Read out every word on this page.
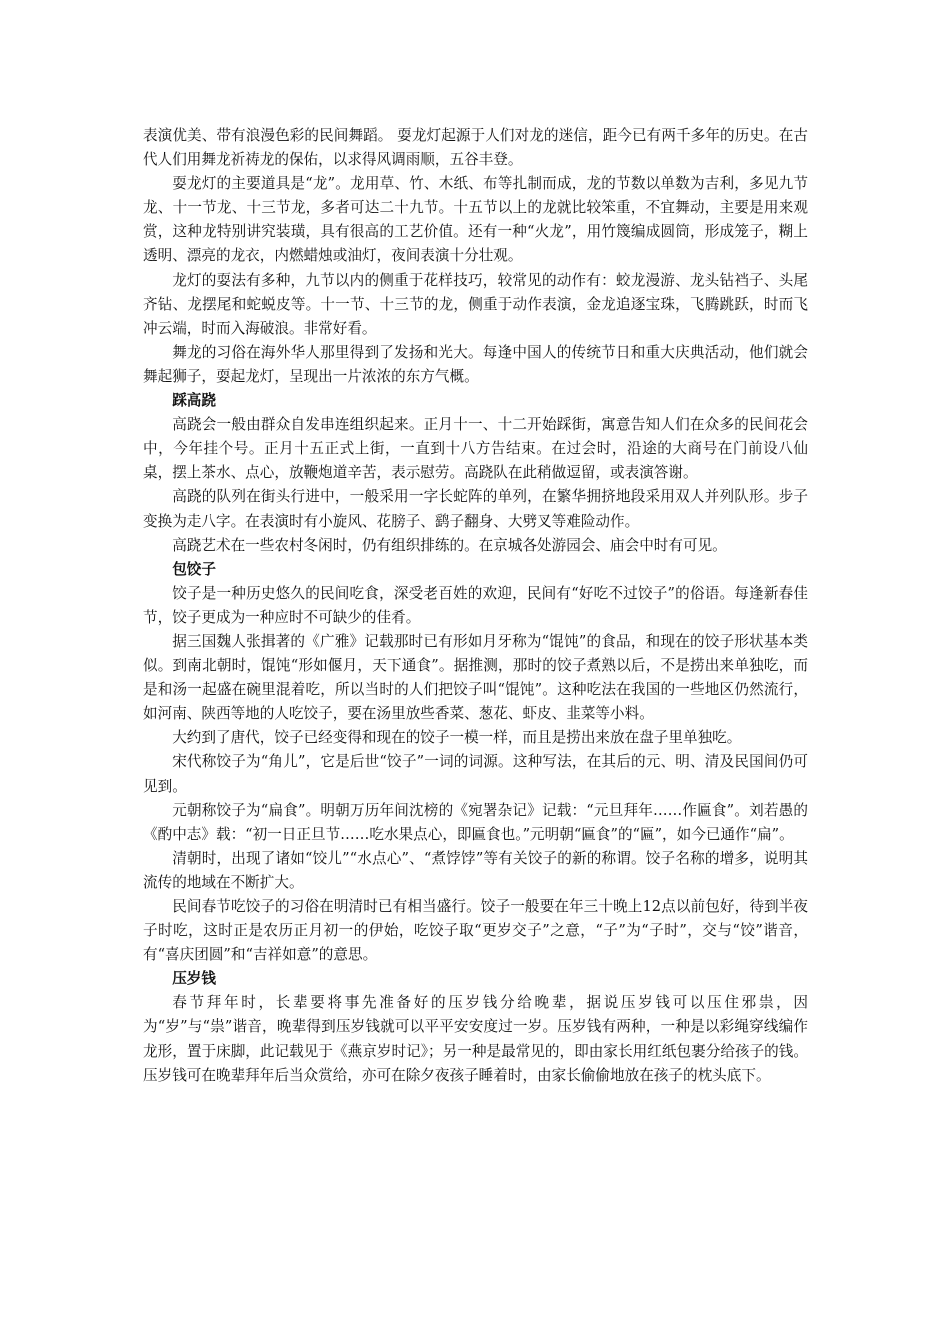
表演优美、带有浪漫色彩的民间舞蹈。 耍龙灯起源于人们对龙的迷信，距今已有两千多年的历史。在古代人们用舞龙祈祷龙的保佑，以求得风调雨顺，五谷丰登。

耍龙灯的主要道具是“龙”。龙用草、竹、木纸、布等扎制而成，龙的节数以单数为吉利，多见九节龙、十一节龙、十三节龙，多者可达二十九节。十五节以上的龙就比较笨重，不宜舞动，主要是用来观赏，这种龙特别讲究装璜，具有很高的工艺价值。还有一种“火龙”，用竹篾编成圆筒，形成笼子，糊上透明、漂亮的龙衣，内燃蜡烛或油灯，夜间表演十分壮观。

龙灯的耍法有多种，九节以内的侧重于花样技巧，较常见的动作有：蛟龙漫游、龙头钻裆子、头尾齐钻、龙摆尾和蛇蜕皮等。十一节、十三节的龙，侧重于动作表演，金龙追逐宝珠，飞腾跳跃，时而飞冲云端，时而入海破浪。非常好看。

舞龙的习俗在海外华人那里得到了发扬和光大。每逢中国人的传统节日和重大庆典活动，他们就会舞起狮子，耍起龙灯，呈现出一片浓浓的东方气概。

踩高跷

高跷会一般由群众自发串连组织起来。正月十一、十二开始踩街，寓意告知人们在众多的民间花会中，今年挂个号。正月十五正式上街，一直到十八方告结束。在过会时，沿途的大商号在门前设八仙桌，摆上茶水、点心，放鞭炮道辛苦，表示慰劳。高跷队在此稍做逗留，或表演答谢。

高跷的队列在街头行进中，一般采用一字长蛇阵的单列，在繁华拥挤地段采用双人并列队形。步子变换为走八字。在表演时有小旋风、花膀子、鹞子翻身、大劈叉等难险动作。

高跷艺术在一些农村冬闲时，仍有组织排练的。在京城各处游园会、庙会中时有可见。

包饺子

饺子是一种历史悠久的民间吃食，深受老百姓的欢迎，民间有“好吃不过饺子”的俗语。每逢新春佳节，饺子更成为一种应时不可缺少的佳肴。

据三国魏人张揖著的《广雅》记载那时已有形如月牙称为“馄饨”的食品，和现在的饺子形状基本类似。到南北朝时，馄饨“形如偃月，天下通食”。据推测，那时的饺子煮熟以后，不是捞出来单独吃，而是和汤一起盛在碗里混着吃，所以当时的人们把饺子叫“馄饨”。这种吃法在我国的一些地区仍然流行，如河南、陕西等地的人吃饺子，要在汤里放些香菜、葱花、虾皮、韭菜等小料。

大约到了唐代，饺子已经变得和现在的饺子一模一样，而且是捞出来放在盘子里单独吃。

宋代称饺子为“角儿”，它是后世“饺子”一词的词源。这种写法，在其后的元、明、清及民国间仍可见到。

元朝称饺子为“扁食”。明朝万历年间沈榜的《宛署杂记》记载：“元旦拜年……作匾食”。刘若愚的《酌中志》载：“初一日正旦节……吃水果点心，即匾食也。”元明朝“匾食”的“匾”，如今已通作“扁”。

清朝时，出现了诸如“饺儿”“水点心”、“煮饽饽”等有关饺子的新的称谓。饺子名称的增多，说明其流传的地域在不断扩大。

民间春节吃饺子的习俗在明清时已有相当盛行。饺子一般要在年三十晚上12点以前包好，待到半夜子时吃，这时正是农历正月初一的伊始，吃饺子取“更岁交子”之意，“子”为“子时”，交与“饺”谐音，有“喜庆团圆”和“吉祥如意”的意思。

压岁钱

春节拜年时，长辈要将事先准备好的压岁钱分给晚辈，据说压岁钱可以压住邪祟，因为“岁”与“祟”谐音，晚辈得到压岁钱就可以平平安安度过一岁。压岁钱有两种，一种是以彩绳穿线编作龙形，置于床脚，此记载见于《燕京岁时记》；另一种是最常见的，即由家长用红纸包裹分给孩子的钱。压岁钱可在晚辈拜年后当众赏给，亦可在除夕夜孩子睡着时，由家长偷偷地放在孩子的枕头底下。
